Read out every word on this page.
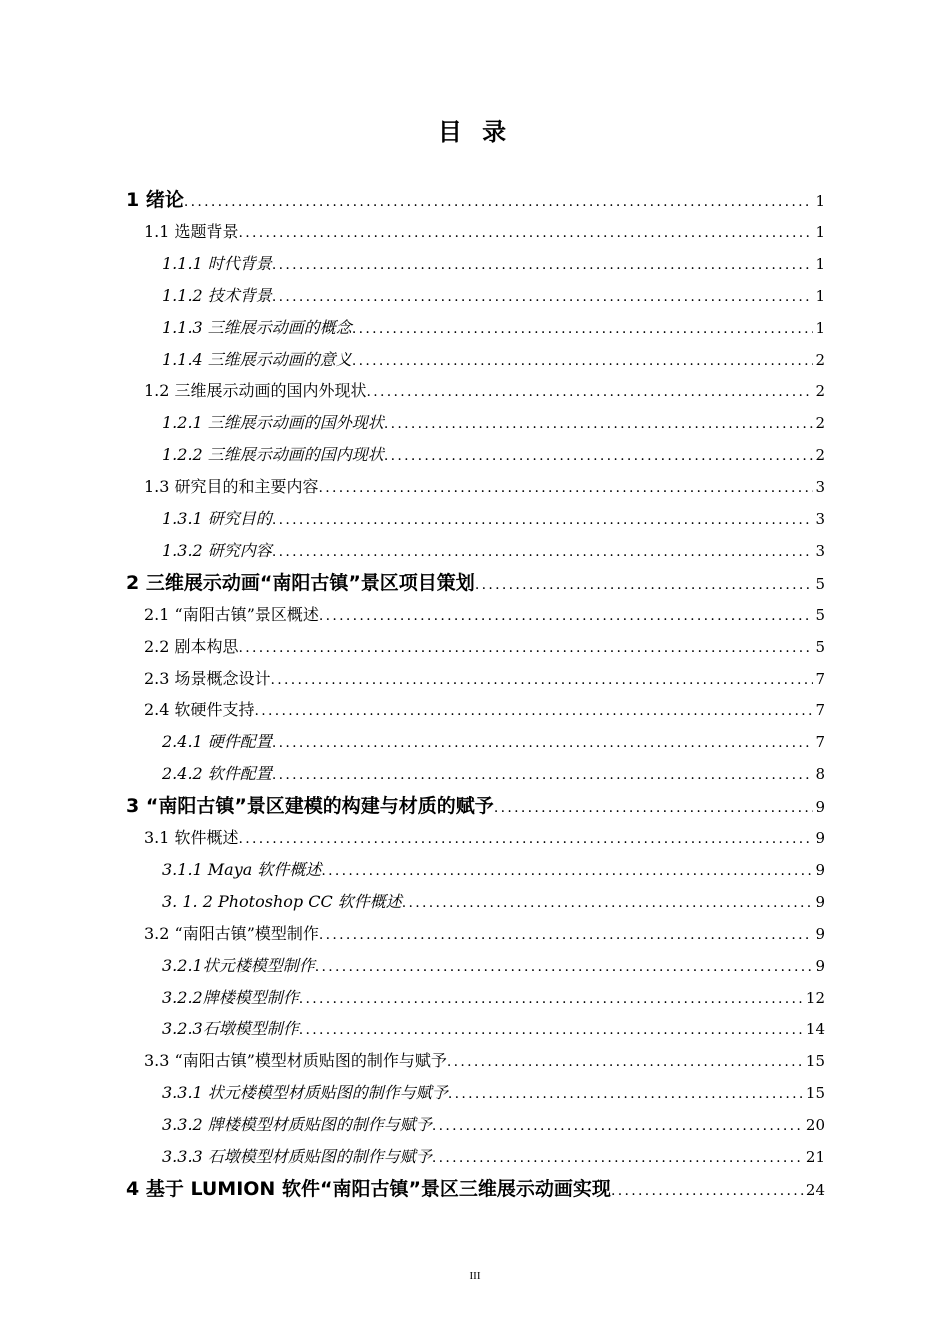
目 录
1 绪论 .....	1
1.1 选题背景 .....	1
1.1.1 时代背景 .....	1
1.1.2 技术背景 .....	1
1.1.3 三维展示动画的概念 .....	1
1.1.4 三维展示动画的意义 .....	2
1.2 三维展示动画的国内外现状 .....	2
1.2.1 三维展示动画的国外现状 .....	2
1.2.2 三维展示动画的国内现状 .....	2
1.3 研究目的和主要内容 .....	3
1.3.1 研究目的 .....	3
1.3.2 研究内容 .....	3
2 三维展示动画“南阳古镇”景区项目策划 .....	5
2.1 “南阳古镇”景区概述 .....	5
2.2 剧本构思 .....	5
2.3 场景概念设计 .....	7
2.4 软硬件支持 .....	7
2.4.1 硬件配置 .....	7
2.4.2 软件配置 .....	8
3 “南阳古镇”景区建模的构建与材质的赋予 .....	9
3.1 软件概述 .....	9
3.1.1 Maya 软件概述 .....	9
3. 1. 2 Photoshop CC 软件概述 .....	9
3.2 “南阳古镇”模型制作 .....	9
3.2.1状元楼模型制作 .....	9
3.2.2牌楼模型制作 .....	12
3.2.3石墩模型制作 .....	14
3.3 “南阳古镇”模型材质贴图的制作与赋予 .....	15
3.3.1 状元楼模型材质贴图的制作与赋予 .....	15
3.3.2 牌楼模型材质贴图的制作与赋予 .....	20
3.3.3 石墩模型材质贴图的制作与赋予 .....	21
4 基于 LUMION 软件“南阳古镇”景区三维展示动画实现 .....	24
III
